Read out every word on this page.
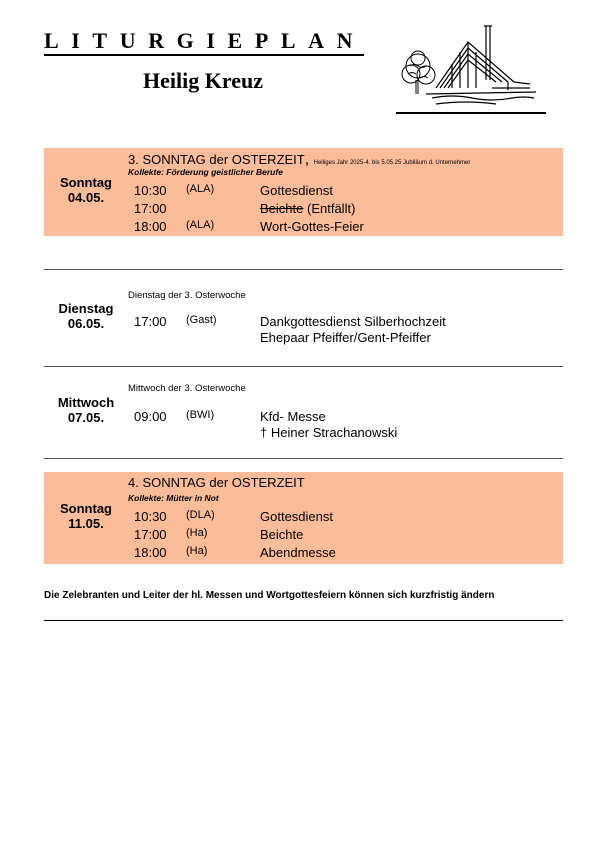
LITURGIEPLAN
Heilig Kreuz
Sonntag
04.05.
3. SONNTAG der OSTERZEIT, Heiliges Jahr 2025-4. bis 5.05.25 Jubiläum d. Unternehmer
Kollekte: Förderung geistlicher Berufe
10:30 (ALA)	Gottesdienst
17:00	Beichte (Entfällt)
18:00 (ALA)	Wort-Gottes-Feier
Dienstag
06.05.
Dienstag der 3. Osterwoche
17:00 (Gast)	Dankgottesdienst Silberhochzeit
Ehepaar Pfeiffer/Gent-Pfeiffer
Mittwoch
07.05.
Mittwoch der 3. Osterwoche
09:00 (BWI)	Kfd- Messe
† Heiner Strachanowski
Sonntag
11.05.
4. SONNTAG der OSTERZEIT
Kollekte: Mütter in Not
10:30 (DLA)	Gottesdienst
17:00 (Ha)	Beichte
18:00 (Ha)	Abendmesse
Die Zelebranten und Leiter der hl. Messen und Wortgottesfeiern können sich kurzfristig ändern
